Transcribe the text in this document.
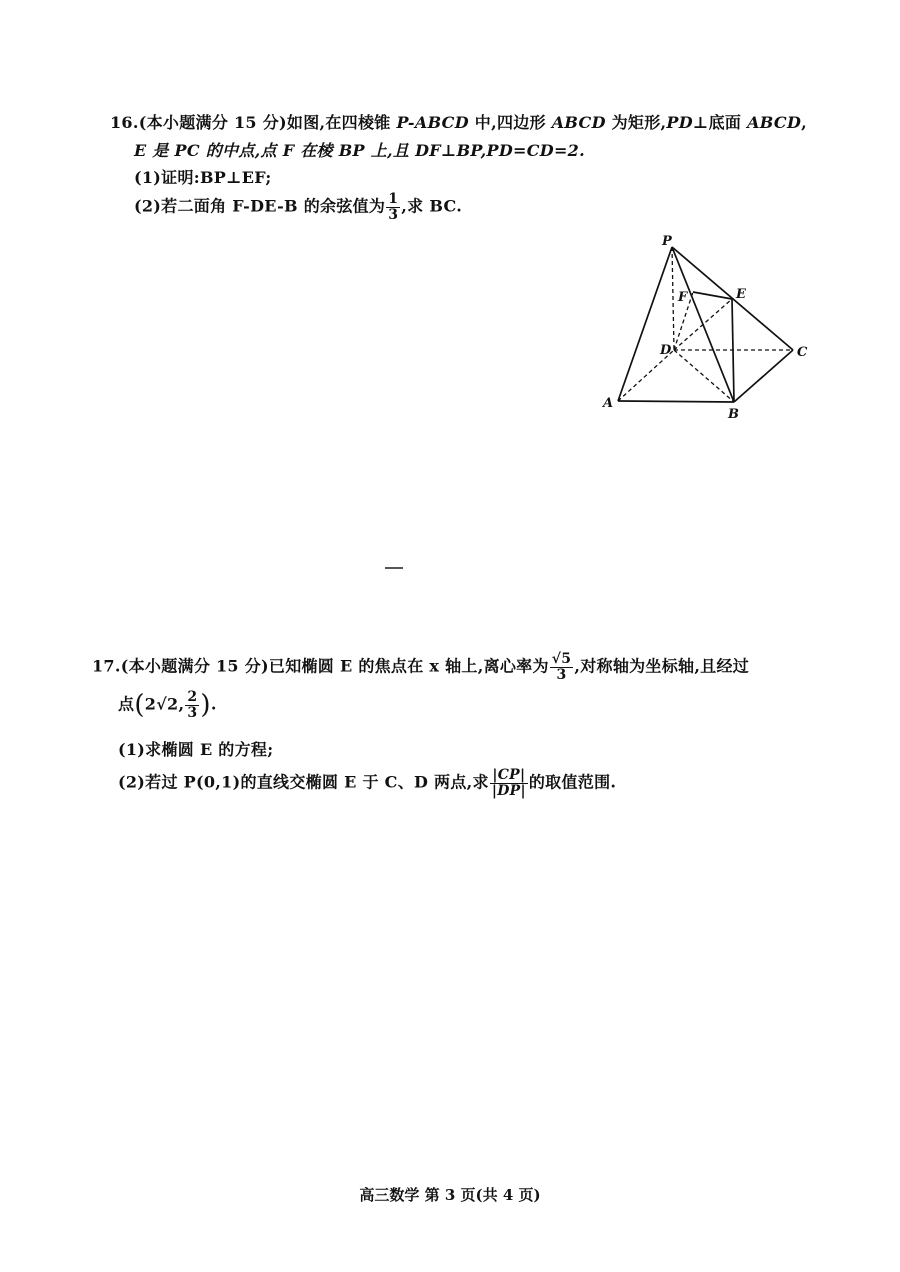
16.(本小题满分 15 分)如图,在四棱锥 P-ABCD 中,四边形 ABCD 为矩形,PD⊥底面 ABCD,
E 是 PC 的中点,点 F 在棱 BP 上,且 DF⊥BP,PD=CD=2.
(1)证明:BP⊥EF;
(2)若二面角 F-DE-B 的余弦值为 $\frac{1}{3}$ ,求 BC.
P
F	E
D	C
A
B
17.(本小题满分 15 分)已知椭圆 E 的焦点在 x 轴上,离心率为 $\frac{√5}{3}$ ,对称轴为坐标轴,且经过
点(2√2, $\frac{2}{3}$ ).
(1)求椭圆 E 的方程;
(2)若过 P(0,1)的直线交椭圆 E 于 C、D 两点,求 $\frac{|CP|}{|DP|}$ 的取值范围.
高三数学 第 3 页(共 4 页)
